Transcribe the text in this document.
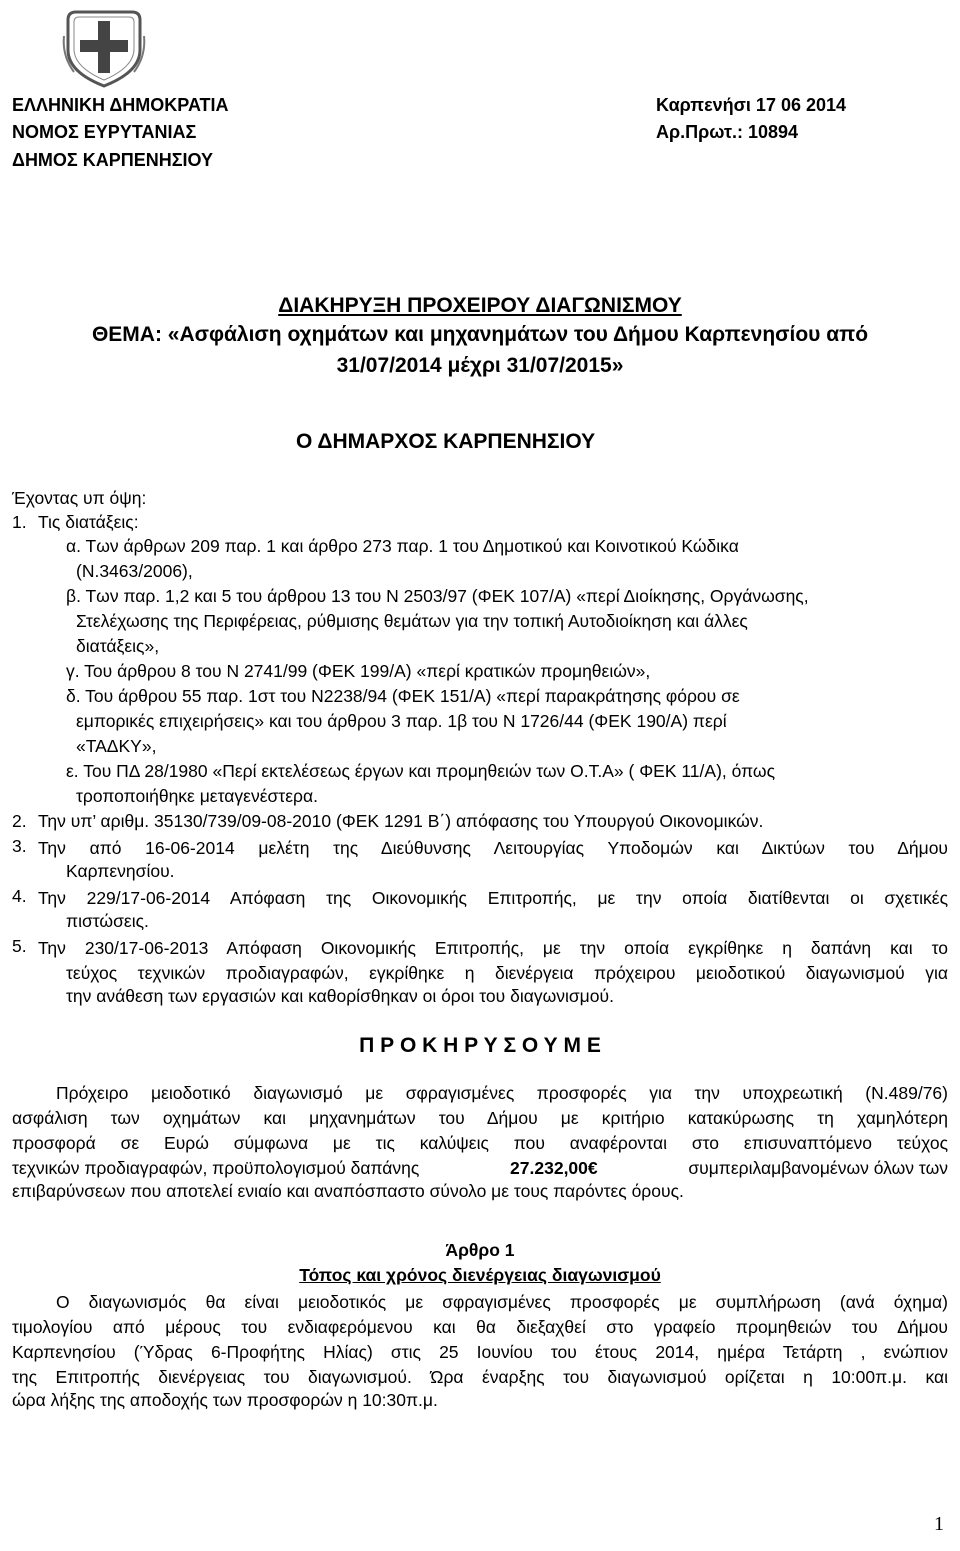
ΕΛΛΗΝΙΚΗ ΔΗΜΟΚΡΑΤΙΑ
ΝΟΜΟΣ ΕΥΡΥΤΑΝΙΑΣ
ΔΗΜΟΣ ΚΑΡΠΕΝΗΣΙΟΥ
Καρπενήσι 17 06 2014
Αρ.Πρωτ.: 10894
ΔΙΑΚΗΡΥΞΗ ΠΡΟΧΕΙΡΟΥ ΔΙΑΓΩΝΙΣΜΟΥ
ΘΕΜΑ: «Ασφάλιση οχημάτων και μηχανημάτων του Δήμου Καρπενησίου από
31/07/2014 μέχρι 31/07/2015»
Ο ΔΗΜΑΡΧΟΣ ΚΑΡΠΕΝΗΣΙΟΥ
Έχοντας υπ όψη:
1. Τις διατάξεις:
α. Των άρθρων 209 παρ. 1 και άρθρο 273 παρ. 1 του Δημοτικού και Κοινοτικού Κώδικα
(Ν.3463/2006),
β. Των παρ. 1,2 και 5 του άρθρου 13 του Ν 2503/97 (ΦΕΚ 107/Α) «περί Διοίκησης, Οργάνωσης,
Στελέχωσης της Περιφέρειας, ρύθμισης θεμάτων για την τοπική Αυτοδιοίκηση και άλλες
διατάξεις»,
γ. Του άρθρου 8 του Ν 2741/99 (ΦΕΚ 199/Α) «περί κρατικών προμηθειών»,
δ. Του άρθρου 55 παρ. 1στ του Ν2238/94 (ΦΕΚ 151/Α) «περί παρακράτησης φόρου σε
εμπορικές επιχειρήσεις» και του άρθρου 3 παρ. 1β του Ν 1726/44 (ΦΕΚ 190/Α) περί
«ΤΑΔΚΥ»,
ε. Του ΠΔ 28/1980 «Περί εκτελέσεως έργων και προμηθειών των Ο.Τ.Α» ( ΦΕΚ 11/Α), όπως
τροποποιήθηκε μεταγενέστερα.
2. Την υπ’ αριθμ. 35130/739/09-08-2010 (ΦΕΚ 1291 Β΄) απόφασης του Υπουργού Οικονομικών.
3. Την από 16-06-2014 μελέτη της Διεύθυνσης Λειτουργίας Υποδομών και Δικτύων του Δήμου

Καρπενησίου.
4. Την 229/17-06-2014 Απόφαση της Οικονομικής Επιτροπής, με την οποία διατίθενται οι σχετικές

πιστώσεις.
5. Την 230/17-06-2013 Απόφαση Οικονομικής Επιτροπής, με την οποία εγκρίθηκε η δαπάνη και το

τεύχος τεχνικών προδιαγραφών, εγκρίθηκε η διενέργεια πρόχειρου μειοδοτικού διαγωνισμού για

την ανάθεση των εργασιών και καθορίσθηκαν οι όροι του διαγωνισμού.
Π Ρ Ο Κ Η Ρ Υ Σ Ο Υ Μ Ε

Πρόχειρο μειοδοτικό διαγωνισμό με σφραγισμένες προσφορές για την υποχρεωτική (Ν.489/76)

ασφάλιση των οχημάτων και μηχανημάτων του Δήμου με κριτήριο κατακύρωσης τη χαμηλότερη

προσφορά σε Ευρώ σύμφωνα με τις καλύψεις που αναφέρονται στο επισυναπτόμενο τεύχος

τεχνικών προδιαγραφών, προϋπολογισμού δαπάνης	27.232,00€	συμπεριλαμβανομένων όλων των
επιβαρύνσεων που αποτελεί ενιαίο και αναπόσπαστο σύνολο με τους παρόντες όρους.
Άρθρο 1
Τόπος και χρόνος διενέργειας διαγωνισμού

Ο διαγωνισμός θα είναι μειοδοτικός με σφραγισμένες προσφορές με συμπλήρωση (ανά όχημα)

τιμολογίου από μέρους του ενδιαφερόμενου και θα διεξαχθεί στο γραφείο προμηθειών του Δήμου

Καρπενησίου (Ύδρας 6-Προφήτης Ηλίας) στις 25 Ιουνίου του έτους 2014, ημέρα Τετάρτη , ενώπιον

της Επιτροπής διενέργειας του διαγωνισμού. Ώρα έναρξης του διαγωνισμού ορίζεται η 10:00π.μ. και

ώρα λήξης της αποδοχής των προσφορών η 10:30π.μ.
1
